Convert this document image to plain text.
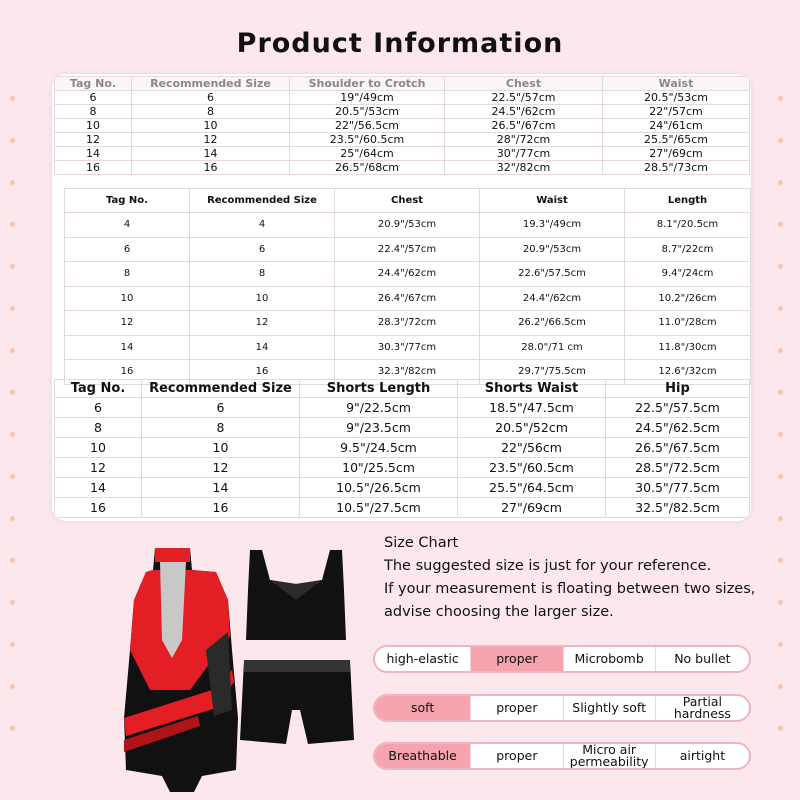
Product Information
Tag No.	Recommended Size	Shoulder to Crotch	Chest	Waist
6	6	19"/49cm	22.5"/57cm	20.5"/53cm
8	8	20.5"/53cm	24.5"/62cm	22"/57cm
10	10	22"/56.5cm	26.5"/67cm	24"/61cm
12	12	23.5"/60.5cm	28"/72cm	25.5"/65cm
14	14	25"/64cm	30"/77cm	27"/69cm
16	16	26.5"/68cm	32"/82cm	28.5"/73cm
Tag No.	Recommended Size	Chest	Waist	Length
4	4	20.9"/53cm	19.3"/49cm	8.1"/20.5cm
6	6	22.4"/57cm	20.9"/53cm	8.7"/22cm
8	8	24.4"/62cm	22.6"/57.5cm	9.4"/24cm
10	10	26.4"/67cm	24.4"/62cm	10.2"/26cm
12	12	28.3"/72cm	26.2"/66.5cm	11.0"/28cm
14	14	30.3"/77cm	28.0"/71 cm	11.8"/30cm
16	16	32.3"/82cm	29.7"/75.5cm	12.6"/32cm
Tag No.	Recommended Size	Shorts Length	Shorts Waist	Hip
6	6	9"/22.5cm	18.5"/47.5cm	22.5"/57.5cm
8	8	9"/23.5cm	20.5"/52cm	24.5"/62.5cm
10	10	9.5"/24.5cm	22"/56cm	26.5"/67.5cm
12	12	10"/25.5cm	23.5"/60.5cm	28.5"/72.5cm
14	14	10.5"/26.5cm	25.5"/64.5cm	30.5"/77.5cm
16	16	10.5"/27.5cm	27"/69cm	32.5"/82.5cm
Size Chart
The suggested size is just for your reference.
If your measurement is floating between two sizes,
advise choosing the larger size.
high-elastic	proper	Microbomb	No bullet
soft	proper	Slightly soft	Partial hardness
Breathable	proper	Micro air permeability	airtight
